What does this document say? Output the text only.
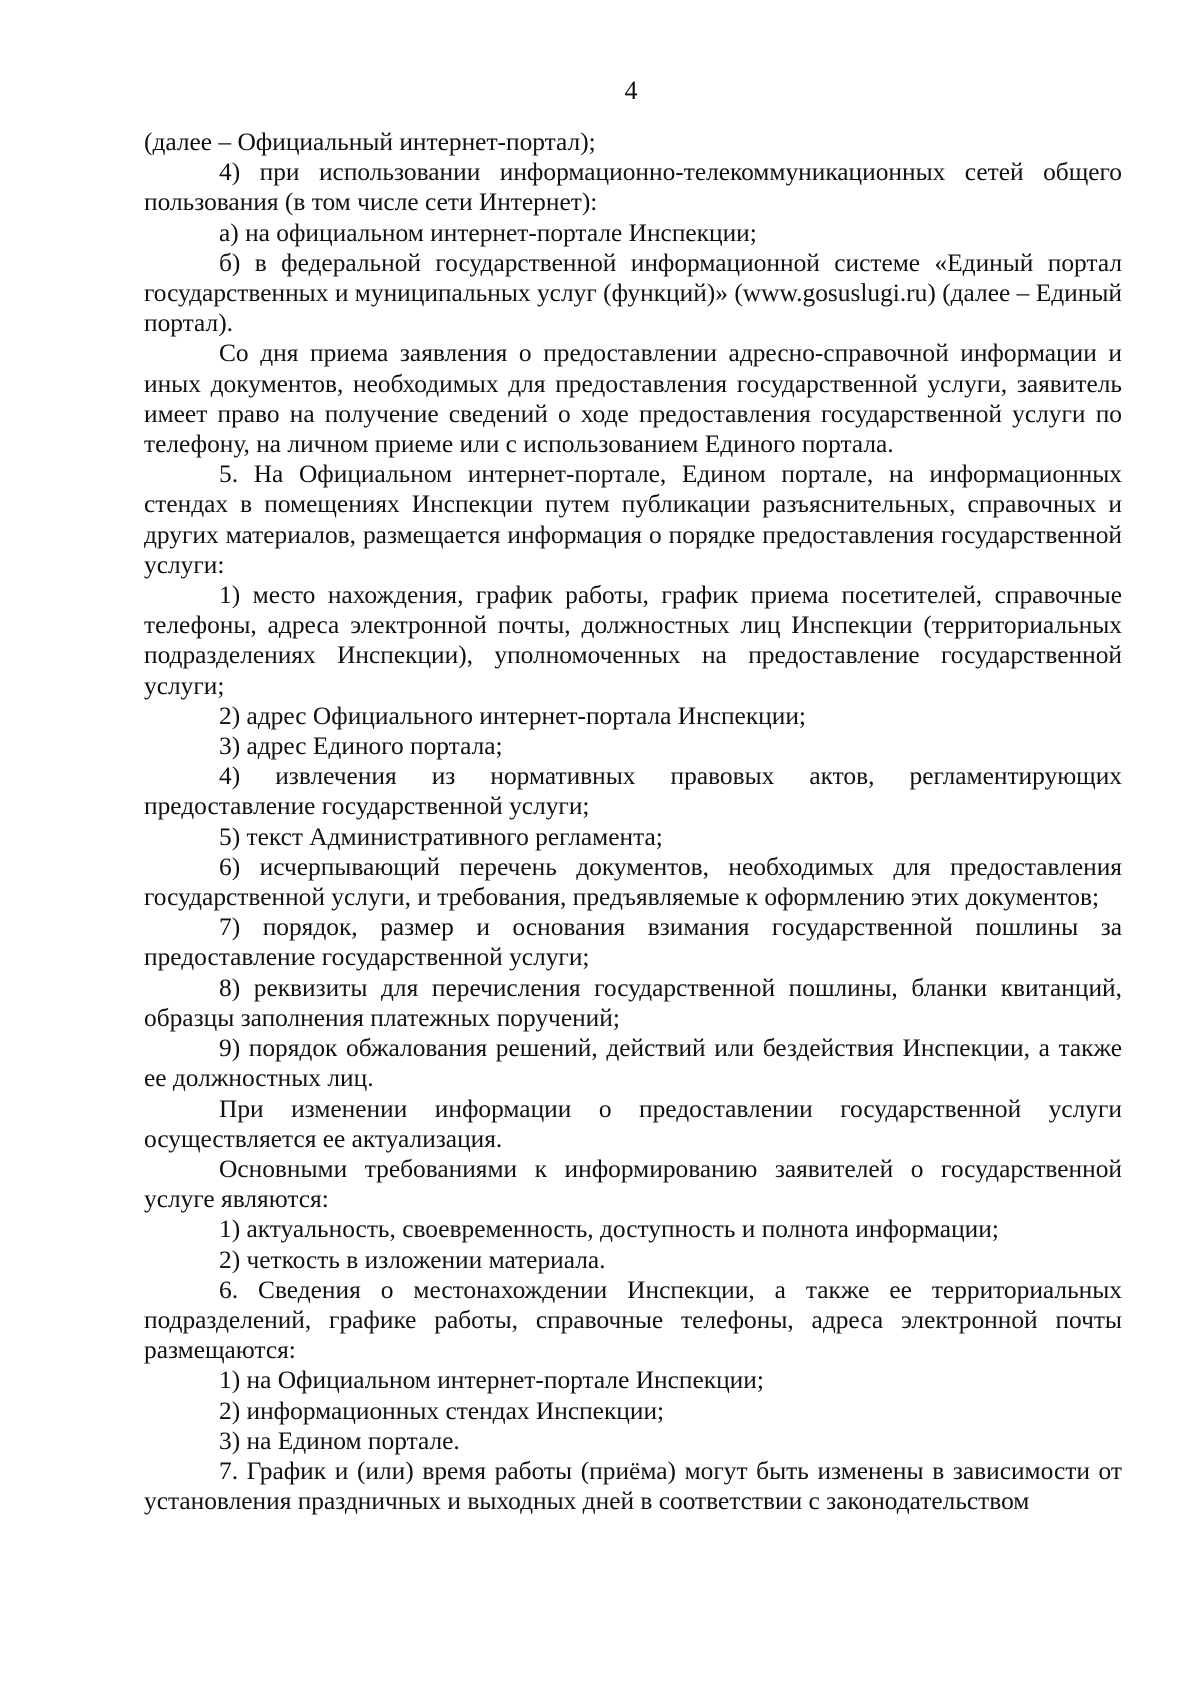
4

(далее – Официальный интернет-портал);

4) при использовании информационно-телекоммуникационных сетей общего пользования (в том числе сети Интернет):

а) на официальном интернет-портале Инспекции;

б) в федеральной государственной информационной системе «Единый портал государственных и муниципальных услуг (функций)» (www.gosuslugi.ru) (далее – Единый портал).

Со дня приема заявления о предоставлении адресно-справочной информации и иных документов, необходимых для предоставления государственной услуги, заявитель имеет право на получение сведений о ходе предоставления государственной услуги по телефону, на личном приеме или с использованием Единого портала.

5. На Официальном интернет-портале, Едином портале, на информационных стендах в помещениях Инспекции путем публикации разъяснительных, справочных и других материалов, размещается информация о порядке предоставления государственной услуги:

1) место нахождения, график работы, график приема посетителей, справочные телефоны, адреса электронной почты, должностных лиц Инспекции (территориальных подразделениях Инспекции), уполномоченных на предоставление государственной услуги;

2) адрес Официального интернет-портала Инспекции;

3) адрес Единого портала;

4) извлечения из нормативных правовых актов, регламентирующих предоставление государственной услуги;

5) текст Административного регламента;

6) исчерпывающий перечень документов, необходимых для предоставления государственной услуги, и требования, предъявляемые к оформлению этих документов;

7) порядок, размер и основания взимания государственной пошлины за предоставление государственной услуги;

8) реквизиты для перечисления государственной пошлины, бланки квитанций, образцы заполнения платежных поручений;

9) порядок обжалования решений, действий или бездействия Инспекции, а также ее должностных лиц.

При изменении информации о предоставлении государственной услуги осуществляется ее актуализация.

Основными требованиями к информированию заявителей о государственной услуге являются:

1) актуальность, своевременность, доступность и полнота информации;

2) четкость в изложении материала.

6. Сведения о местонахождении Инспекции, а также ее территориальных подразделений, графике работы, справочные телефоны, адреса электронной почты размещаются:

1) на Официальном интернет-портале Инспекции;

2) информационных стендах Инспекции;

3) на Едином портале.

7. График и (или) время работы (приёма) могут быть изменены в зависимости от установления праздничных и выходных дней в соответствии с законодательством
